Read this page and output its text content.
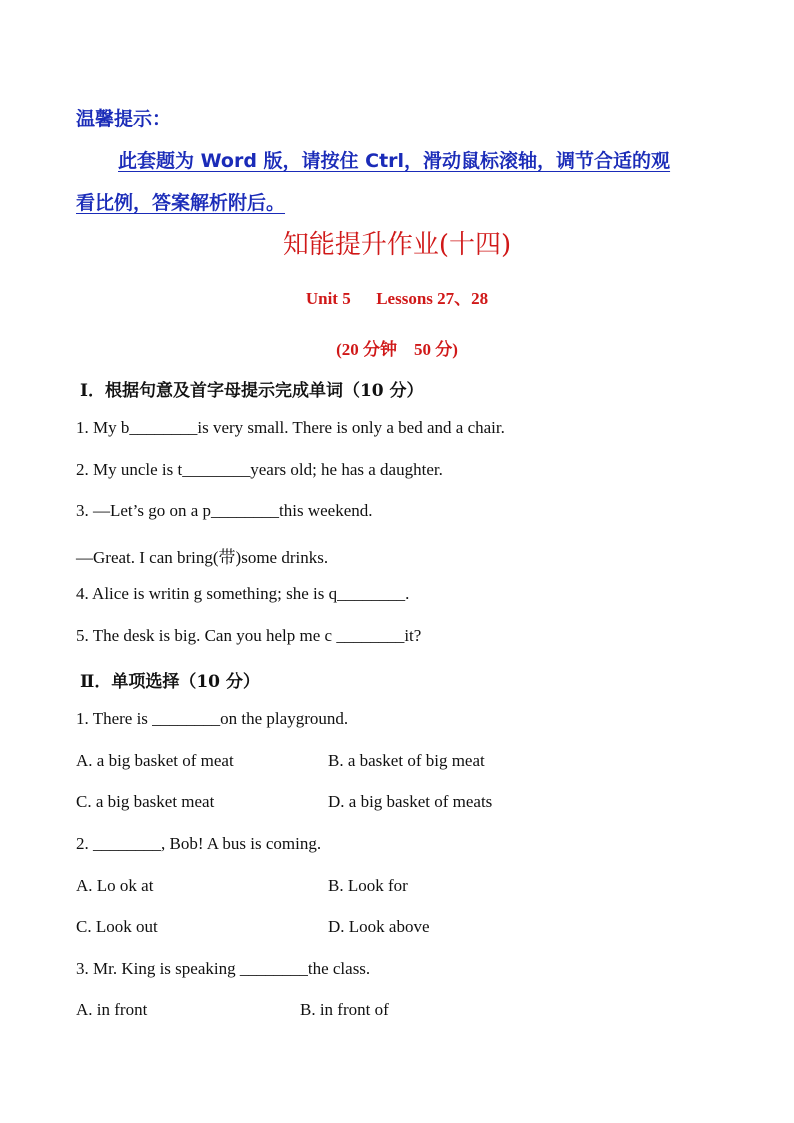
温馨提示：
此套题为 Word 版，请按住 Ctrl，滑动鼠标滚轴，调节合适的观
看比例，答案解析附后。
知能提升作业(十四)
Unit 5      Lessons 27、28
(20 分钟    50 分)
Ⅰ．根据句意及首字母提示完成单词（10 分）
1. My b________is very small. There is only a bed and a chair.
2. My uncle is t________years old; he has a daughter.
3. —Let’s go on a p________this weekend.
—Great. I can bring(带)some drinks.
4. Alice is writin g something; she is q________.
5. The desk is big. Can you help me c ________it?
Ⅱ．单项选择（10 分）
1. There is ________on the playground.
A. a big basket of meat	B. a basket of big meat
C. a big basket meat	D. a big basket of meats
2. ________, Bob! A bus is coming.
A. Lo ok at	B. Look for
C. Look out	D. Look above
3. Mr. King is speaking ________the class.
A. in front	B. in front of
